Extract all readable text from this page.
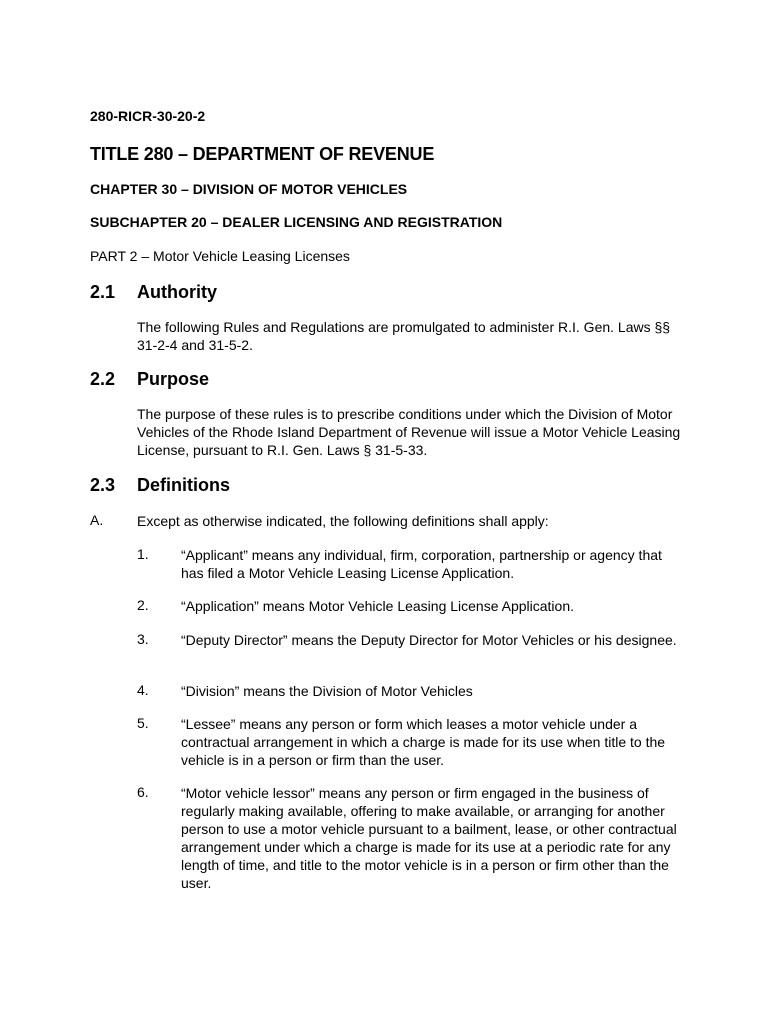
280-RICR-30-20-2
TITLE 280 – DEPARTMENT OF REVENUE
CHAPTER 30 – DIVISION OF MOTOR VEHICLES
SUBCHAPTER 20 – DEALER LICENSING AND REGISTRATION
PART 2 – Motor Vehicle Leasing Licenses
2.1 Authority
The following Rules and Regulations are promulgated to administer R.I. Gen. Laws §§ 31-2-4 and 31-5-2.
2.2 Purpose
The purpose of these rules is to prescribe conditions under which the Division of Motor Vehicles of the Rhode Island Department of Revenue will issue a Motor Vehicle Leasing License, pursuant to R.I. Gen. Laws § 31-5-33.
2.3 Definitions
A. Except as otherwise indicated, the following definitions shall apply:
1. “Applicant” means any individual, firm, corporation, partnership or agency that has filed a Motor Vehicle Leasing License Application.
2. “Application” means Motor Vehicle Leasing License Application.
3. “Deputy Director” means the Deputy Director for Motor Vehicles or his designee.
4. “Division” means the Division of Motor Vehicles
5. “Lessee” means any person or form which leases a motor vehicle under a contractual arrangement in which a charge is made for its use when title to the vehicle is in a person or firm than the user.
6. “Motor vehicle lessor” means any person or firm engaged in the business of regularly making available, offering to make available, or arranging for another person to use a motor vehicle pursuant to a bailment, lease, or other contractual arrangement under which a charge is made for its use at a periodic rate for any length of time, and title to the motor vehicle is in a person or firm other than the user.
